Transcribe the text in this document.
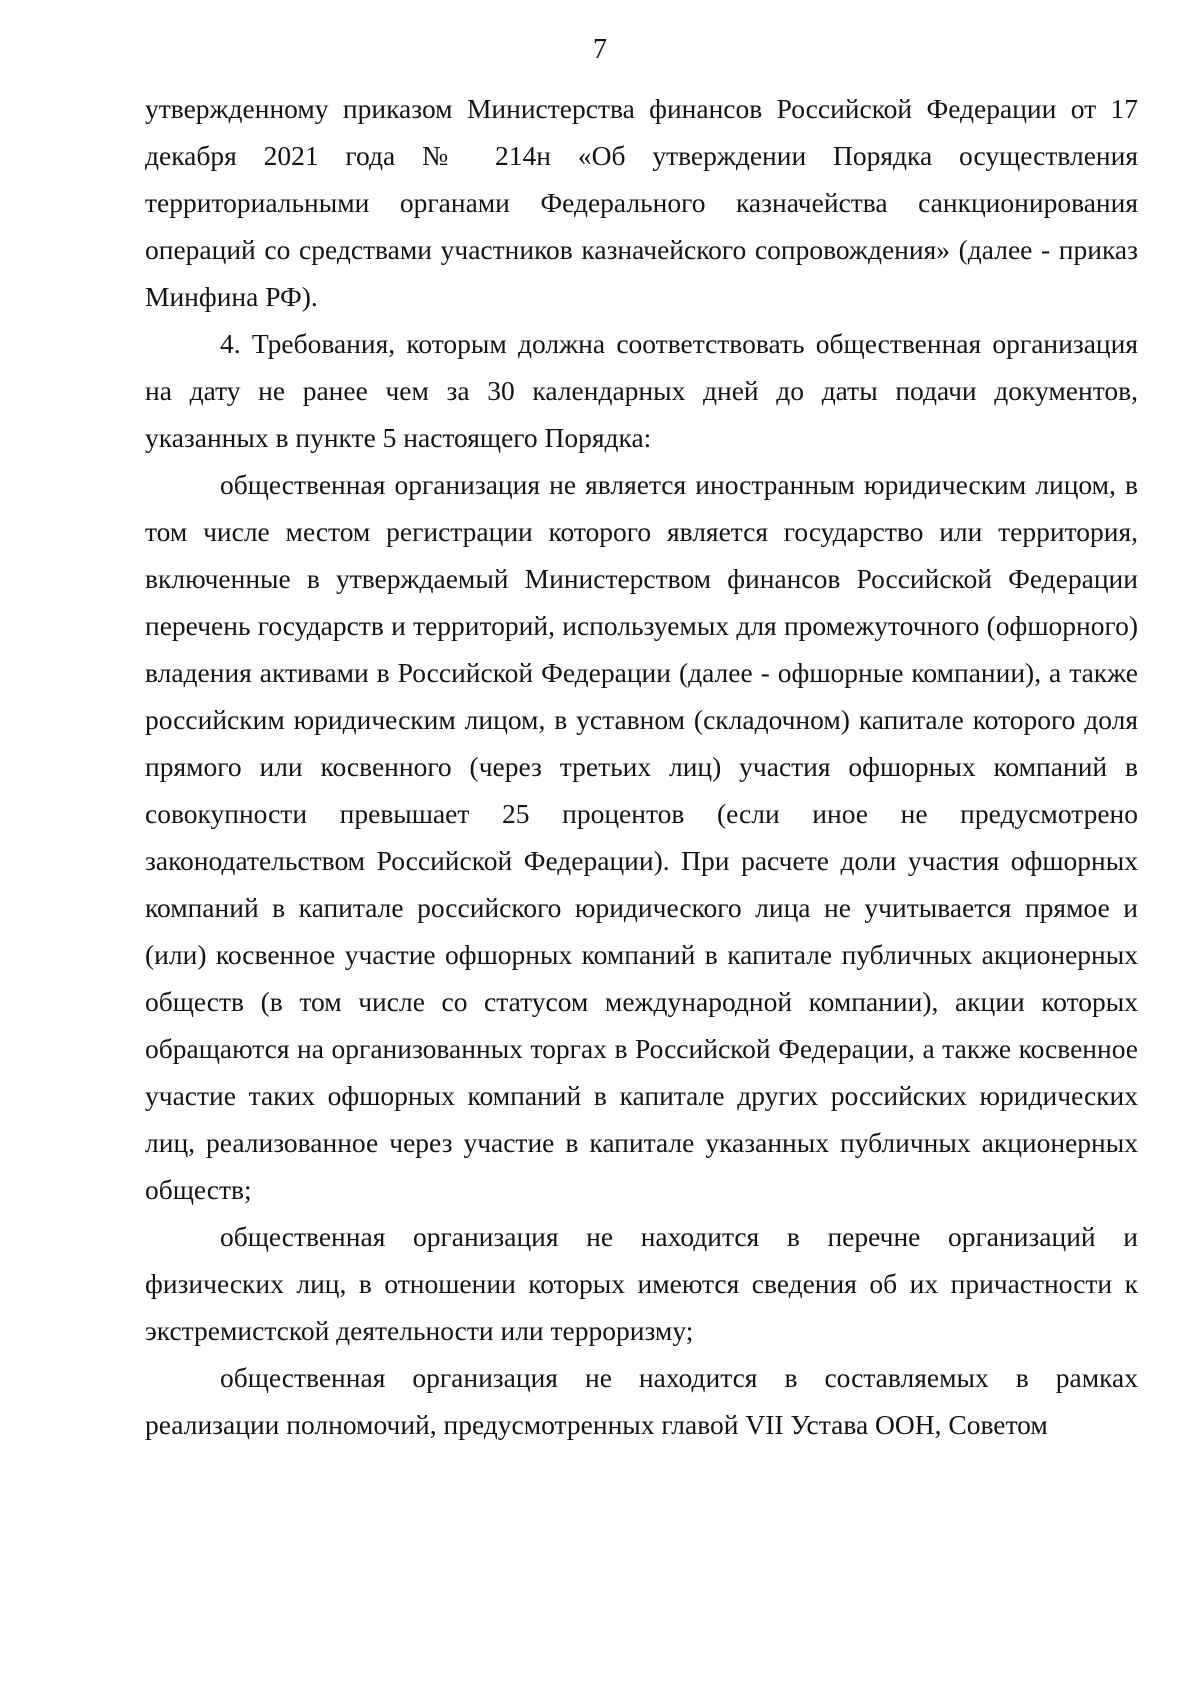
7

утвержденному приказом Министерства финансов Российской Федерации от 17 декабря 2021 года № 214н «Об утверждении Порядка осуществления территориальными органами Федерального казначейства санкционирования операций со средствами участников казначейского сопровождения» (далее - приказ Минфина РФ).

4. Требования, которым должна соответствовать общественная организация на дату не ранее чем за 30 календарных дней до даты подачи документов, указанных в пункте 5 настоящего Порядка:

общественная организация не является иностранным юридическим лицом, в том числе местом регистрации которого является государство или территория, включенные в утверждаемый Министерством финансов Российской Федерации перечень государств и территорий, используемых для промежуточного (офшорного) владения активами в Российской Федерации (далее - офшорные компании), а также российским юридическим лицом, в уставном (складочном) капитале которого доля прямого или косвенного (через третьих лиц) участия офшорных компаний в совокупности превышает 25 процентов (если иное не предусмотрено законодательством Российской Федерации). При расчете доли участия офшорных компаний в капитале российского юридического лица не учитывается прямое и (или) косвенное участие офшорных компаний в капитале публичных акционерных обществ (в том числе со статусом международной компании), акции которых обращаются на организованных торгах в Российской Федерации, а также косвенное участие таких офшорных компаний в капитале других российских юридических лиц, реализованное через участие в капитале указанных публичных акционерных обществ;

общественная организация не находится в перечне организаций и физических лиц, в отношении которых имеются сведения об их причастности к экстремистской деятельности или терроризму;

общественная организация не находится в составляемых в рамках реализации полномочий, предусмотренных главой VII Устава ООН, Советом
